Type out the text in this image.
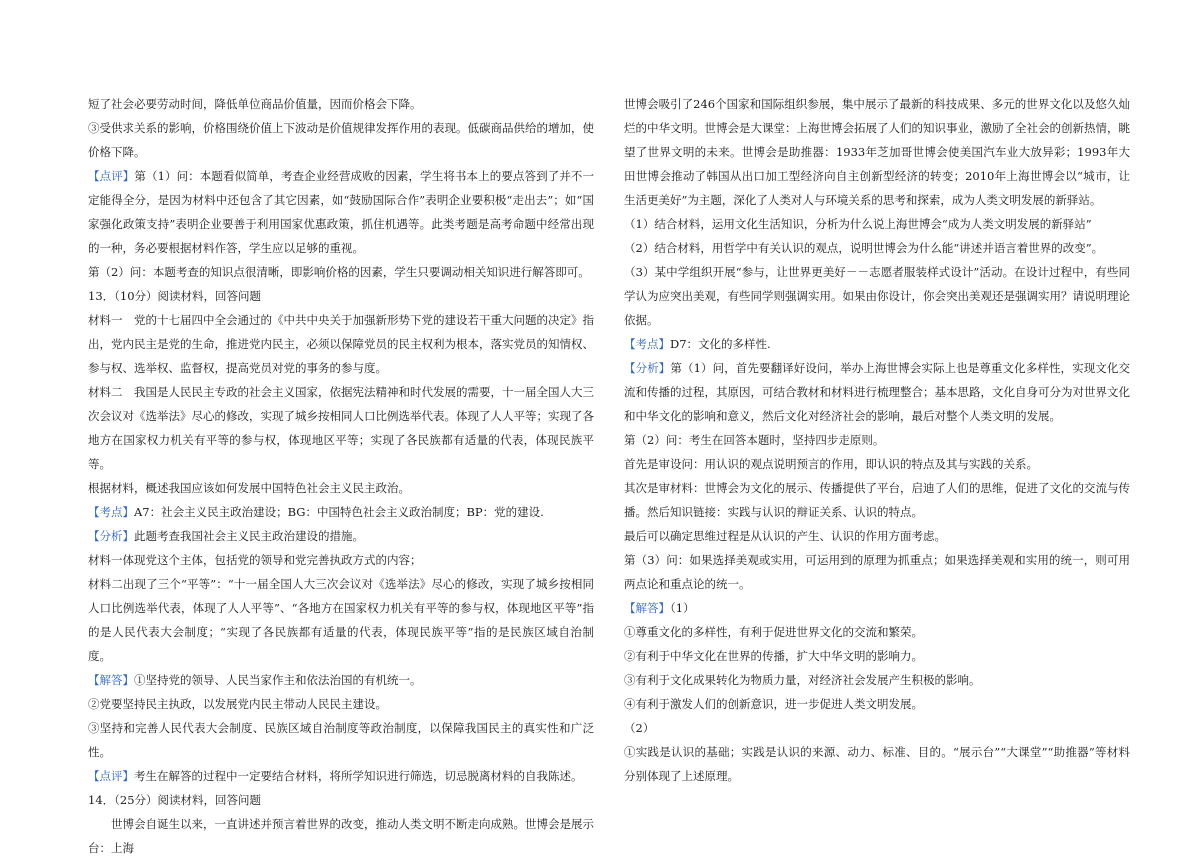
短了社会必要劳动时间，降低单位商品价值量，因而价格会下降。

③受供求关系的影响，价格围绕价值上下波动是价值规律发挥作用的表现。低碳商品供给的增加，使价格下降。

【点评】第（1）问：本题看似简单，考查企业经营成败的因素，学生将书本上的要点答到了并不一定能得全分，是因为材料中还包含了其它因素，如“鼓励国际合作”表明企业要积极“走出去”；如“国家强化政策支持”表明企业要善于利用国家优惠政策，抓住机遇等。此类考题是高考命题中经常出现的一种，务必要根据材料作答，学生应以足够的重视。

第（2）问：本题考查的知识点很清晰，即影响价格的因素，学生只要调动相关知识进行解答即可。

13．（10分）阅读材料，回答问题

材料一　党的十七届四中全会通过的《中共中央关于加强新形势下党的建设若干重大问题的决定》指出，党内民主是党的生命，推进党内民主，必须以保障党员的民主权利为根本，落实党员的知情权、参与权、选举权、监督权，提高党员对党的事务的参与度。

材料二　我国是人民民主专政的社会主义国家，依据宪法精神和时代发展的需要，十一届全国人大三次会议对《选举法》尽心的修改，实现了城乡按相同人口比例选举代表。体现了人人平等；实现了各地方在国家权力机关有平等的参与权，体现地区平等；实现了各民族都有适量的代表，体现民族平等。

根据材料，概述我国应该如何发展中国特色社会主义民主政治。

【考点】A7：社会主义民主政治建设；BG：中国特色社会主义政治制度；BP：党的建设.

【分析】此题考查我国社会主义民主政治建设的措施。

材料一体现党这个主体，包括党的领导和党完善执政方式的内容；

材料二出现了三个“平等”：“十一届全国人大三次会议对《选举法》尽心的修改，实现了城乡按相同人口比例选举代表，体现了人人平等”、“各地方在国家权力机关有平等的参与权，体现地区平等”指的是人民代表大会制度；“实现了各民族都有适量的代表，体现民族平等”指的是民族区域自治制度。

【解答】①坚持党的领导、人民当家作主和依法治国的有机统一。

②党要坚持民主执政，以发展党内民主带动人民民主建设。

③坚持和完善人民代表大会制度、民族区域自治制度等政治制度，以保障我国民主的真实性和广泛性。

【点评】考生在解答的过程中一定要结合材料，将所学知识进行筛选，切忌脱离材料的自我陈述。

14．（25分）阅读材料，回答问题

　　世博会自诞生以来，一直讲述并预言着世界的改变，推动人类文明不断走向成熟。世博会是展示台：上海

世博会吸引了246个国家和国际组织参展，集中展示了最新的科技成果、多元的世界文化以及悠久灿烂的中华文明。世博会是大课堂：上海世博会拓展了人们的知识事业，激励了全社会的创新热情，眺望了世界文明的未来。世博会是助推器：1933年芝加哥世博会使美国汽车业大放异彩；1993年大田世博会推动了韩国从出口加工型经济向自主创新型经济的转变；2010年上海世博会以“城市，让生活更美好”为主题，深化了人类对人与环境关系的思考和探索，成为人类文明发展的新驿站。

（1）结合材料，运用文化生活知识，分析为什么说上海世博会“成为人类文明发展的新驿站”

（2）结合材料，用哲学中有关认识的观点，说明世博会为什么能“讲述并语言着世界的改变”。

（3）某中学组织开展“参与，让世界更美好－－志愿者服装样式设计”活动。在设计过程中，有些同学认为应突出美观，有些同学则强调实用。如果由你设计，你会突出美观还是强调实用？请说明理论依据。

【考点】D7：文化的多样性.

【分析】第（1）问，首先要翻译好设问，举办上海世博会实际上也是尊重文化多样性，实现文化交流和传播的过程，其原因，可结合教材和材料进行梳理整合；基本思路，文化自身可分为对世界文化和中华文化的影响和意义，然后文化对经济社会的影响，最后对整个人类文明的发展。

第（2）问：考生在回答本题时，坚持四步走原则。

首先是审设问：用认识的观点说明预言的作用，即认识的特点及其与实践的关系。

其次是审材料：世博会为文化的展示、传播提供了平台，启迪了人们的思维，促进了文化的交流与传播。然后知识链接：实践与认识的辩证关系、认识的特点。

最后可以确定思维过程是从认识的产生、认识的作用方面考虑。

第（3）问：如果选择美观或实用，可运用到的原理为抓重点；如果选择美观和实用的统一，则可用两点论和重点论的统一。

【解答】（1）

①尊重文化的多样性，有利于促进世界文化的交流和繁荣。

②有利于中华文化在世界的传播，扩大中华文明的影响力。

③有利于文化成果转化为物质力量，对经济社会发展产生积极的影响。

④有利于激发人们的创新意识，进一步促进人类文明发展。

（2）

①实践是认识的基础；实践是认识的来源、动力、标准、目的。“展示台”“大课堂”“助推器”等材料分别体现了上述原理。
